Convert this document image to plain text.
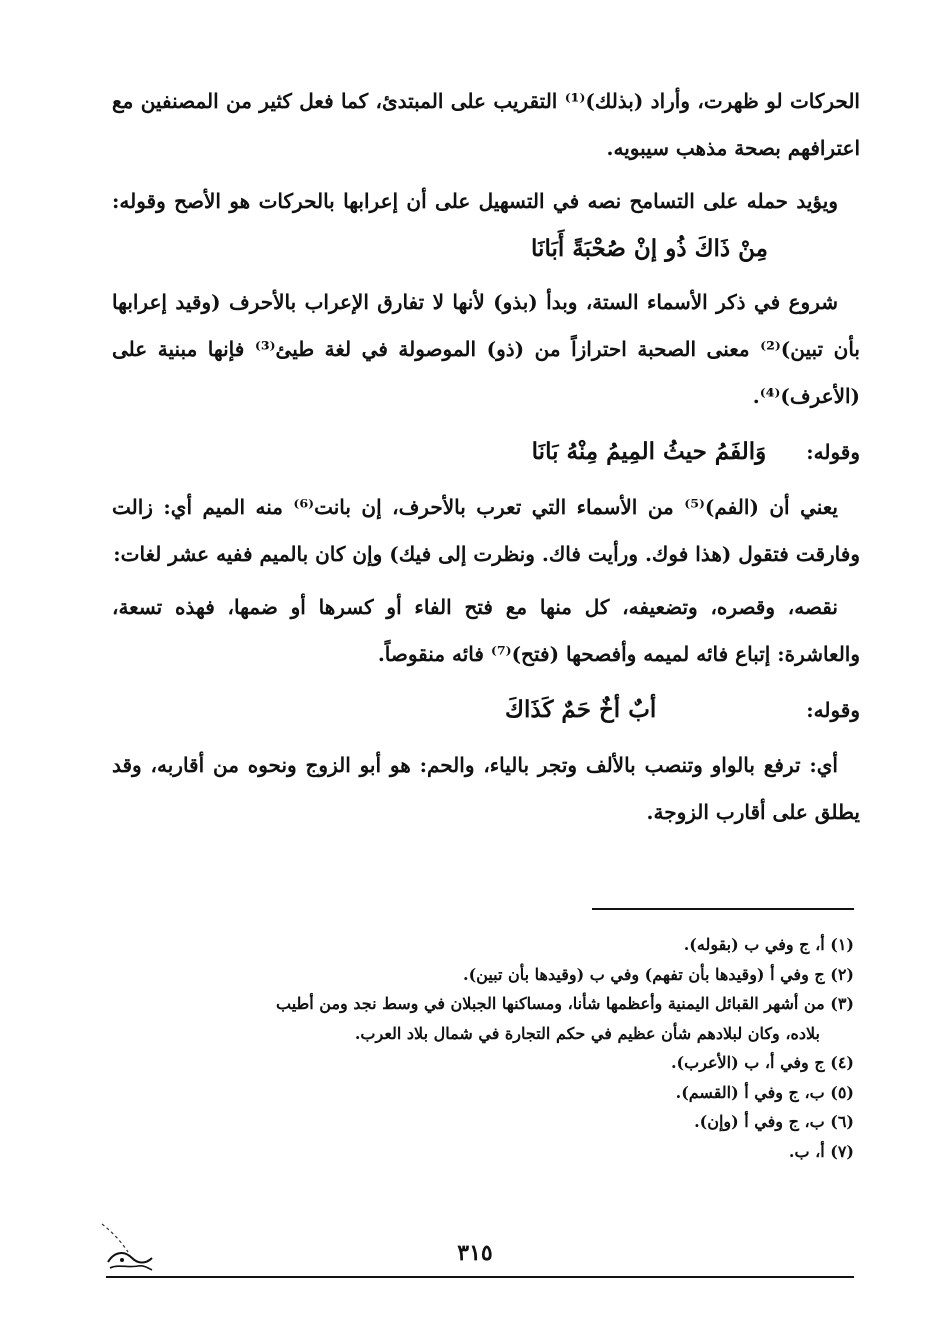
الحركات لو ظهرت، وأراد (بذلك)⁽¹⁾ التقريب على المبتدئ، كما فعل كثير من المصنفين مع اعترافهم بصحة مذهب سيبويه.

ويؤيد حمله على التسامح نصه في التسهيل على أن إعرابها بالحركات هو الأصح وقوله:مِنْ ذَاكَ ذُو إنْ صُحْبَةً أَبَانَا

شروع في ذكر الأسماء الستة، وبدأ (بذو) لأنها لا تفارق الإعراب بالأحرف (وقيد إعرابها بأن تبين)⁽²⁾ معنى الصحبة احترازاً من (ذو) الموصولة في لغة طيئ⁽³⁾ فإنها مبنية على (الأعرف)⁽⁴⁾.

وقوله:وَالفَمُ حيثُ المِيمُ مِنْهُ بَانَا

يعني أن (الفم)⁽⁵⁾ من الأسماء التي تعرب بالأحرف، إن بانت⁽⁶⁾ منه الميم أي: زالت وفارقت فتقول (هذا فوك. ورأيت فاك. ونظرت إلى فيك) وإن كان بالميم ففيه عشر لغات:

نقصه، وقصره، وتضعيفه، كل منها مع فتح الفاء أو كسرها أو ضمها، فهذه تسعة، والعاشرة: إتباع فائه لميمه وأفصحها (فتح)⁽⁷⁾ فائه منقوصاً.

وقوله:أبٌ أخٌ حَمٌ كَذَاكَ

أي: ترفع بالواو وتنصب بالألف وتجر بالياء، والحم: هو أبو الزوج ونحوه من أقاربه، وقد يطلق على أقارب الزوجة.

(١) أ، ج وفي ب (بقوله).

(٢) ج وفي أ (وقيدها بأن تفهم) وفي ب (وقيدها بأن تبين).

(٣) من أشهر القبائل اليمنية وأعظمها شأنا، ومساكنها الجبلان في وسط نجد ومن أطيب

بلاده، وكان لبلادهم شأن عظيم في حكم التجارة في شمال بلاد العرب.

(٤) ج وفي أ، ب (الأعرب).

(٥) ب، ج وفي أ (القسم).

(٦) ب، ج وفي أ (وإن).

(٧) أ، ب.

٣١٥
